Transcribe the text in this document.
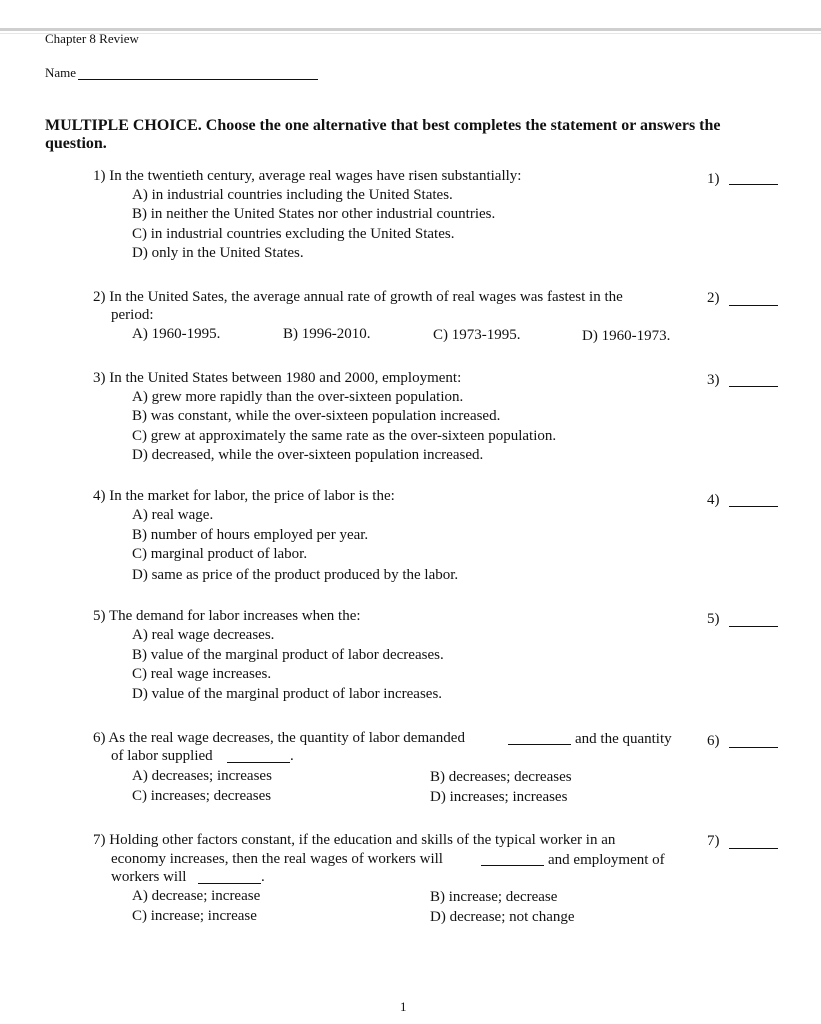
Chapter 8 Review
Name
MULTIPLE CHOICE. Choose the one alternative that best completes the statement or answers the
question.
1) In the twentieth century, average real wages have risen substantially:
A) in industrial countries including the United States.
B) in neither the United States nor other industrial countries.
C) in industrial countries excluding the United States.
D) only in the United States.
1)
2) In the United Sates, the average annual rate of growth of real wages was fastest in the
period:
A) 1960-1995.	B) 1996-2010.	C) 1973-1995.	D) 1960-1973.
2)
3) In the United States between 1980 and 2000, employment:
A) grew more rapidly than the over-sixteen population.
B) was constant, while the over-sixteen population increased.
C) grew at approximately the same rate as the over-sixteen population.
D) decreased, while the over-sixteen population increased.
3)
4) In the market for labor, the price of labor is the:
A) real wage.
B) number of hours employed per year.
C) marginal product of labor.
D) same as price of the product produced by the labor.
4)
5) The demand for labor increases when the:
A) real wage decreases.
B) value of the marginal product of labor decreases.
C) real wage increases.
D) value of the marginal product of labor increases.
5)
6) As the real wage decreases, the quantity of labor demanded	and the quantity
of labor supplied	.
A) decreases; increases	B) decreases; decreases
C) increases; decreases	D) increases; increases
6)
7) Holding other factors constant, if the education and skills of the typical worker in an
economy increases, then the real wages of workers will	and employment of
workers will	.
A) decrease; increase	B) increase; decrease
C) increase; increase	D) decrease; not change
7)
1
